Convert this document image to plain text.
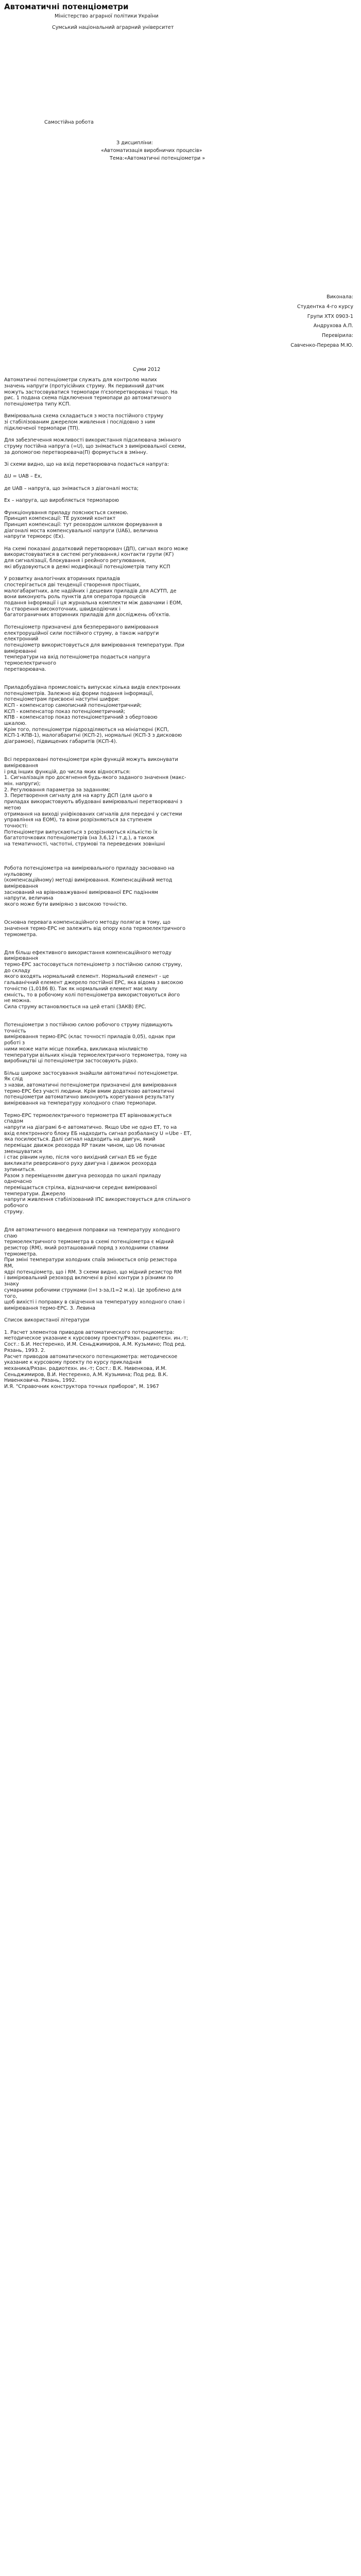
Автоматичні потенціометри
Міністерство аграрної політики України
Сумський національний аграрний університет
Самостійна робота
З дисципліни:
«Автоматизація виробничих процесів»
Темa:«Автоматичні потенціометри »
Виконала:
Студентка 4-го курсу
Групи ХТХ 0903-1
Андрухова А.П.
Перевірила:
Савченко-Перерва М.Ю.
Суми 2012
Автоматичні потенціометри служать для контролю малих
значень напруги (протуісійних струму. Як первинний датчик
можуть застосовуватися термопари п'єзоперетворювачі тощо. На
рис. 1 подана схема підключення термопари до автоматичного
потенціометра типу КСП.
Вимірювальна схема складається з моста постійного струму
зі стабілізованим джерелом живлення і послідовно з ним
підключеної термопари (ТП).
Для забезпечення можливості використання підсилювача змінного
струму постійна напруга (=U), що знімається з вимірювальної схеми,
за допомогою перетворювача(П) формується в змінну.
Зі схеми видно, що на вхід перетворювача подається напруга:
ΔU = UAB – Ex,
де UAB – напруга, що знімається з діагоналі моста;
Ex – напруга, що виробляється термопарою
Функціонування приладу пояснюється схемою.
Принцип компенсації: ТЕ рухомий контакт
Принцип компенсації: тут реохордом шляхом формування в
діагоналі моста компенсувальної напруги (UАБ), величина
напруги термоерс (Ex).
На схемі показані додатковий перетворювач (ДП), сигнал якого може
використовуватися в системі регулювання,і контакти групи (КГ)
для сигналізації, блокування і реєйного регулювання,
які вбудовуються в деякі модифікації потенціометрів типу КСП
У розвитку аналогічних вторинних приладів
спостерігається дві тенденції створення простіших,
малогабаритних, але надійних і дешевих приладів для АСУТП, де
вони виконують роль пунктів для оператора процесів
подання інформації і ця журнальна комплекти між давачами і ЕОМ,
та створення високоточних, швидкодіючих і
багатограничних вторинних приладів для досліджень об'єктів.
Потенціометр призначені для безперервного вимірювання
електрорушійної сили постійного струму, а також напруги
електронний
потенціометр використовується для вимірювання температури. При
вимірюванні
температури на вхід потенціометра подається напруга
термоелектричного
перетворювача.
Приладобудівна промисловість випускає кілька видів електронних
потенціометрів. Залежно від форми подання інформації,
потенціометрам присвоєні наступні шифри:
КСП - компенсатор самописний потенціометричний;
КСП - компенсатор показ потенціометричний;
КПВ - компенсатор показ потенціометричний з обертовою
шкалою.
Крім того, потенціометри підрозділяються на мініатюрні (КСП,
КСП-1-КПВ-1), малогабаритні (КСП-2), нормальні (КСП-3 з дисковою
діаграмою), підвищених габаритів (КСП-4).
Всі перераховані потенціометри крім функцій можуть виконувати
вимірювання
і ряд інших функцій, до числа яких відносяться:
1. Сигналізація про досягнення будь-якого заданого значення (макс-
мін. напруги);
2. Регулювання параметра за заданням;
3. Перетворення сигналу для на карту ДСП (для цього в
приладах використовують вбудовані вимірювальні перетворювачі з
метою
отримання на виході уніфікованих сигналів для передачі у системи
управління на ЕОМ), та вони розрізняються за ступенем
точності:
Потенціометри випускаються з розрізняються кількістю їх
багатоточкових потенціометрів (на 3,6,12 і т.д.), а також
на тематичності, частотні, струмові та переведених зовнішні
Робота потенціометра на вимірювального приладу засновано на
нульовому
(компенсаційному) методі вимірювання. Компенсаційний метод
вимірювання
заснований на врівноважуванні вимірюваної ЕРС падінням
напруги, величина
якого може бути виміряно з високою точністю.
Основна перевага компенсаційного методу полягає в тому, що
значення термо-ЕРС не залежить від опору кола термоелектричного
термометра.
Для більш ефективного використання компенсаційного методу
вимірювання
термо-ЕРС застосовується потенціометр з постійною силою струму,
до складу
якого входять нормальний елемент. Нормальний елемент - це
гальванічний елемент джерело постійної ЕРС, яка відома з високою
точністю (1,0186 В). Так як нормальний елемент має малу
ємність, то в робочому колі потенціометра використовуються його
не можна.
Сила струму встановлюється на цей етапі (ЗАКВ) ЕРС.
Потенціометри з постійною силою робочого струму підвищують
точність
вимірювання термо-ЕРС (клас точності приладів 0,05), однак при
роботі з
ними може мати місце похибка, викликана мінливістю
температури вільних кінців термоелектричного термометра, тому на
виробництві ці потенціометри застосовують рідко.
Більш широке застосування знайшли автоматичні потенціометри.
Як слід
з назви, автоматичні потенціометри призначені для вимірювання
термо-ЕРС без участі людини. Крім вмим додатково автоматичні
потенціометри автоматично виконують корегування результату
вимірювання на температуру холодного спаю термопари.
Термо-ЕРС термоелектричного термометра ЕТ врівноважується
спадом
напруги на діаграмі 6-е автоматично. Якщо Ube не одно ЕТ, то на
вхід електронного блоку ЕБ надходить сигнал розбалансу U =Ube - ET,
яка посилюється. Далі сигнал надходить на двигун, який
переміщає движок реохорда RP таким чином, що U6 починає
зменшуватися
і стає рівним нулю, після чого вихідний сигнал ЕБ не буде
викликати реверсивного руху двигуна і движок реохорда
зупиниться.
Разом з переміщенням двигуна реохорда по шкалі приладу
одночасно
переміщається стрілка, відзначаючи середнє вимірюваної
температури. Джерело
напруги живлення стабілізований ІПС використовується для спільного
робочого
струму.
Для автоматичного введення поправки на температуру холодного
спаю
термоелектричного термометра в схемі потенціометра є мідний
резистор (RМ), який розташований поряд з холодними спаями
термометра.
При зміні температури холодних спаїв змінюється опір резистора
RМ,
ядрі потенціометр, що і RМ. З схеми видно, що мідний резистор RМ
і вимірювальний резохорд включені в різні контури з різними по
знаку
сумарними робочими струмами (I=I з-за,I1=2 м.а). Це зроблено для
того,
щоб вихісті і поправку в свідчення на температуру холодного спаю і
вимірювання термо-ЕРС. 3. Левина
Список використаної літератури
1. Расчет элементов приводов автоматического потенциометра:
методическое указание к курсовому проекту/Рязан. радиотехн. ин.-т;
Сост.: Б.И. Нестеренко, И.М. Сеньджимиров, А.М. Кузьмино; Под ред.
Рязань, 1993. 2.
Расчет приводов автоматического потенциометра: методическое
указание к курсовому проекту по курсу прикладная
механика/Рязан. радиотехн. ин.-т; Сост.: В.К. Нивенкова, И.М.
Сеньджимиров, В.И. Нестеренко, А.М. Кузьмина; Под ред. В.К.
Нивенковича. Рязань, 1992.
И.Я. "Справочник конструктора точных приборов", М. 1967
